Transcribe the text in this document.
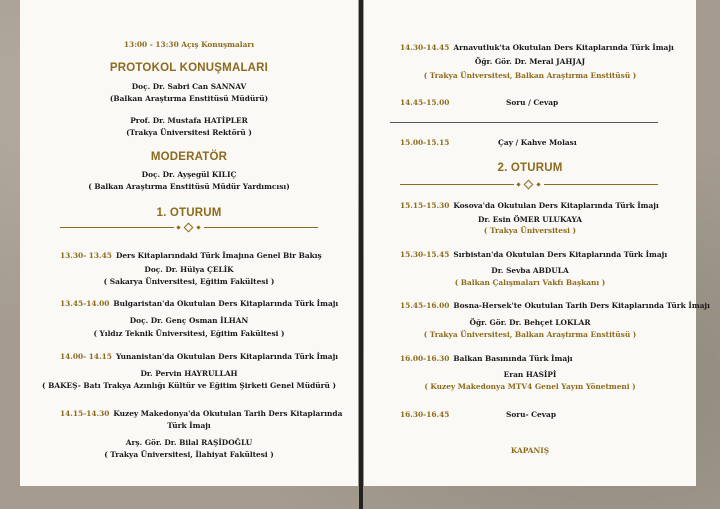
13:00 - 13:30 Açış Konuşmaları
PROTOKOL KONUŞMALARI
Doç. Dr. Sabri Can SANNAV
(Balkan Araştırma Enstitüsü Müdürü)
Prof. Dr. Mustafa HATİPLER
(Trakya Üniversitesi Rektörü )
MODERATÖR
Doç. Dr. Ayşegül KILIÇ
( Balkan Araştırma Enstitüsü Müdür Yardımcısı)
1. OTURUM
13.30- 13.45 Ders Kitaplarındaki Türk İmajına Genel Bir Bakış
Doç. Dr. Hülya ÇELİK
( Sakarya Üniversitesi, Eğitim Fakültesi )
13.45-14.00 Bulgaristan'da Okutulan Ders Kitaplarında Türk İmajı
Doç. Dr. Genç Osman İLHAN
( Yıldız Teknik Üniversitesi, Eğitim Fakültesi )
14.00- 14.15 Yunanistan'da Okutulan Ders Kitaplarında Türk İmajı
Dr. Pervin HAYRULLAH
( BAKEŞ- Batı Trakya Azınlığı Kültür ve Eğitim Şirketi Genel Müdürü )
14.15-14.30 Kuzey Makedonya'da Okutulan Tarih Ders Kitaplarında
Türk İmajı
Arş. Gör. Dr. Bilal RAŞİDOĞLU
( Trakya Üniversitesi, İlahiyat Fakültesi )
14.30-14.45 Arnavutluk'ta Okutulan Ders Kitaplarında Türk İmajı
Öğr. Gör. Dr. Meral JAHJAJ
( Trakya Üniversitesi, Balkan Araştırma Enstitüsü )
14.45-15.00	Soru / Cevap
15.00-15.15	Çay / Kahve Molası
2. OTURUM
15.15-15.30 Kosova'da Okutulan Ders Kitaplarında Türk İmajı
Dr. Esin ÖMER ULUKAYA
( Trakya Üniversitesi )
15.30-15.45 Sırbistan'da Okutulan Ders Kitaplarında Türk İmajı
Dr. Sevba ABDULA
( Balkan Çalışmaları Vakfı Başkanı )
15.45-16.00 Bosna-Hersek'te Okutulan Tarih Ders Kitaplarında Türk İmajı
Öğr. Gör. Dr. Behçet LOKLAR
( Trakya Üniversitesi, Balkan Araştırma Enstitüsü )
16.00-16.30 Balkan Basınında Türk İmajı
Eran HASİPİ
( Kuzey Makedonya MTV4 Genel Yayın Yönetmeni )
16.30-16.45	Soru- Cevap
KAPANIŞ
